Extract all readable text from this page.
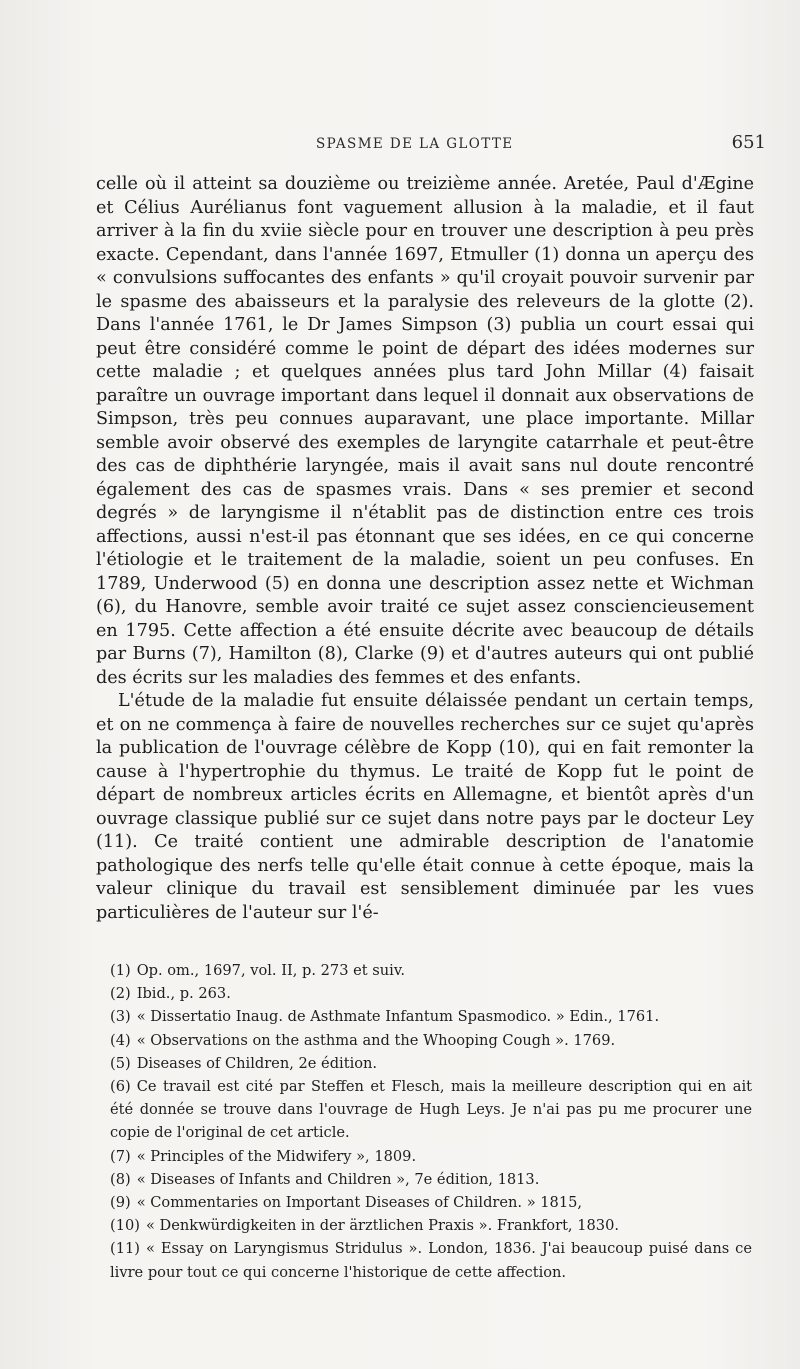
SPASME DE LA GLOTTE	651

celle où il atteint sa douzième ou treizième année. Aretée, Paul d'Ægine et Célius Aurélianus font vaguement allusion à la maladie, et il faut arriver à la fin du xviie siècle pour en trouver une description à peu près exacte. Cependant, dans l'année 1697, Etmuller (1) donna un aperçu des « convulsions suffocantes des enfants » qu'il croyait pouvoir survenir par le spasme des abaisseurs et la paralysie des releveurs de la glotte (2). Dans l'année 1761, le Dr James Simpson (3) publia un court essai qui peut être considéré comme le point de départ des idées modernes sur cette maladie ; et quelques années plus tard John Millar (4) faisait paraître un ouvrage important dans lequel il donnait aux observations de Simpson, très peu connues auparavant, une place importante. Millar semble avoir observé des exemples de laryngite catarrhale et peut-être des cas de diphthérie laryngée, mais il avait sans nul doute rencontré également des cas de spasmes vrais. Dans « ses premier et second degrés » de laryngisme il n'établit pas de distinction entre ces trois affections, aussi n'est-il pas étonnant que ses idées, en ce qui concerne l'étiologie et le traitement de la maladie, soient un peu confuses. En 1789, Underwood (5) en donna une description assez nette et Wichman (6), du Hanovre, semble avoir traité ce sujet assez consciencieusement en 1795. Cette affection a été ensuite décrite avec beaucoup de détails par Burns (7), Hamilton (8), Clarke (9) et d'autres auteurs qui ont publié des écrits sur les maladies des femmes et des enfants.

L'étude de la maladie fut ensuite délaissée pendant un certain temps, et on ne commença à faire de nouvelles recherches sur ce sujet qu'après la publication de l'ouvrage célèbre de Kopp (10), qui en fait remonter la cause à l'hypertrophie du thymus. Le traité de Kopp fut le point de départ de nombreux articles écrits en Allemagne, et bientôt après d'un ouvrage classique publié sur ce sujet dans notre pays par le docteur Ley (11). Ce traité contient une admirable description de l'anatomie pathologique des nerfs telle qu'elle était connue à cette époque, mais la valeur clinique du travail est sensiblement diminuée par les vues particulières de l'auteur sur l'é-

(1) Op. om., 1697, vol. II, p. 273 et suiv.

(2) Ibid., p. 263.

(3) « Dissertatio Inaug. de Asthmate Infantum Spasmodico. » Edin., 1761.

(4) « Observations on the asthma and the Whooping Cough ». 1769.

(5) Diseases of Children, 2e édition.

(6) Ce travail est cité par Steffen et Flesch, mais la meilleure description qui en ait été donnée se trouve dans l'ouvrage de Hugh Leys. Je n'ai pas pu me procurer une copie de l'original de cet article.

(7) « Principles of the Midwifery », 1809.

(8) « Diseases of Infants and Children », 7e édition, 1813.

(9) « Commentaries on Important Diseases of Children. » 1815,

(10) « Denkwürdigkeiten in der ärztlichen Praxis ». Frankfort, 1830.

(11) « Essay on Laryngismus Stridulus ». London, 1836. J'ai beaucoup puisé dans ce livre pour tout ce qui concerne l'historique de cette affection.
